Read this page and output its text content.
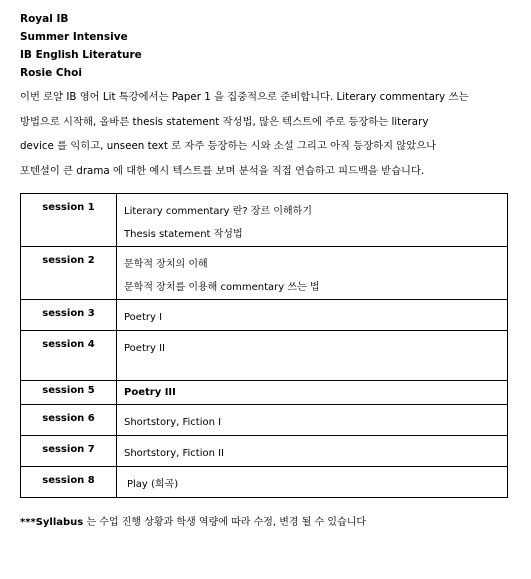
Royal IB
Summer Intensive
IB English Literature
Rosie Choi
이번 로얄 IB 영어 Lit 특강에서는 Paper 1 을 집중적으로 준비합니다. Literary commentary 쓰는
방법으로 시작해, 올바른 thesis statement 작성법, 많은 텍스트에 주로 등장하는 literary
device 를 익히고, unseen text 로 자주 등장하는 시와 소설 그리고 아직 등장하지 않았으나
포텐셜이 큰 drama 에 대한 예시 텍스트를 보며 분석을 직접 연습하고 피드백을 받습니다.
session 1	Literary commentary 란? 장르 이해하기
Thesis statement 작성법

session 2	문학적 장치의 이해
문학적 장치를 이용해 commentary 쓰는 법

session 3	Poetry I

session 4	Poetry II

session 5	Poetry III

session 6	Shortstory, Fiction I

session 7	Shortstory, Fiction II

session 8	Play (희곡)
***Syllabus 는 수업 진행 상황과 학생 역량에 따라 수정, 변경 될 수 있습니다
